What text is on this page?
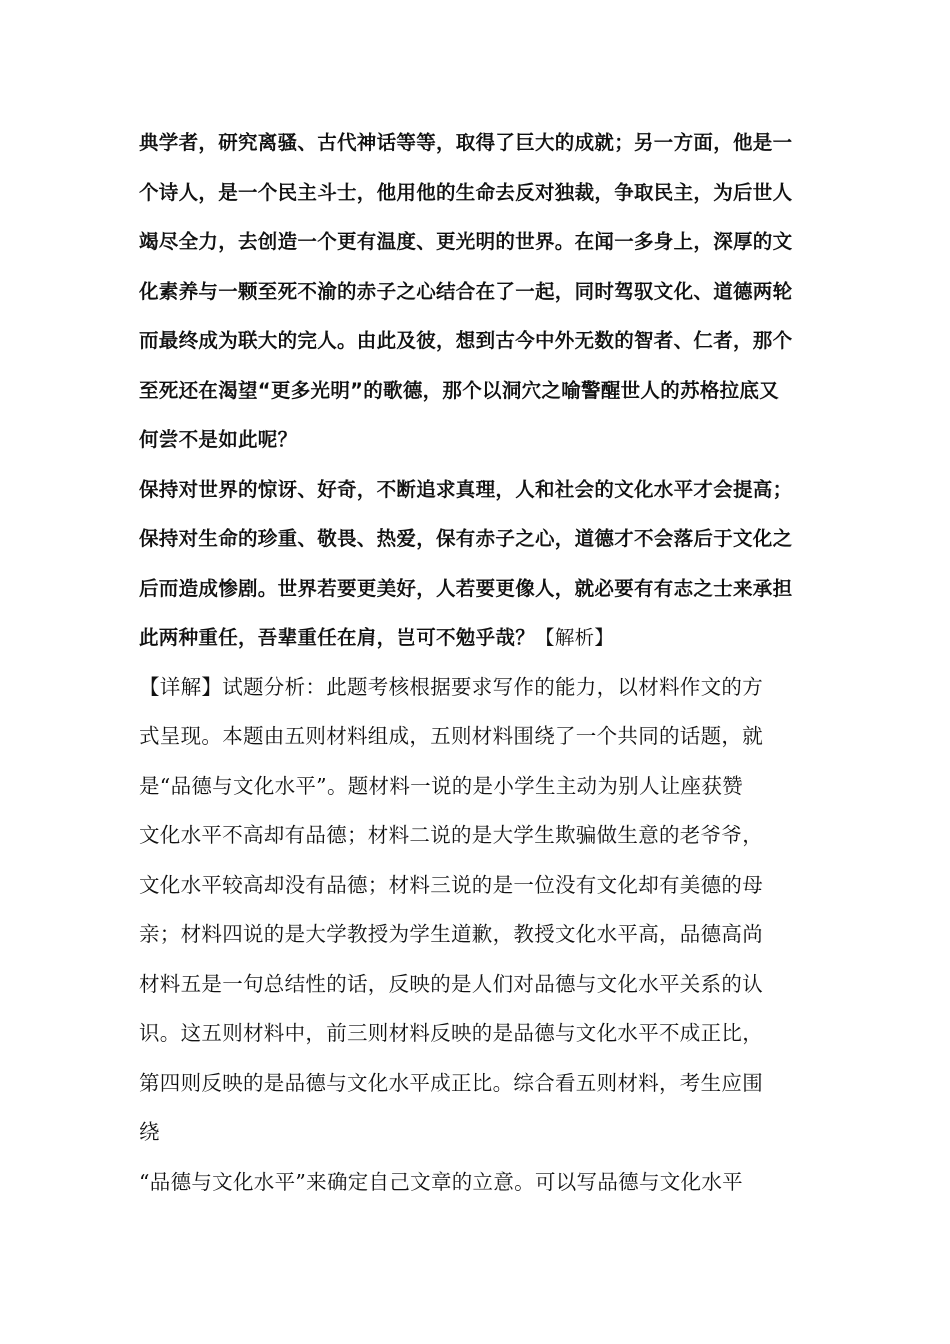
典学者，研究离骚、古代神话等等，取得了巨大的成就；另一方面，他是一
个诗人，是一个民主斗士，他用他的生命去反对独裁，争取民主，为后世人
竭尽全力，去创造一个更有温度、更光明的世界。在闻一多身上，深厚的文
化素养与一颗至死不渝的赤子之心结合在了一起，同时驾驭文化、道德两轮
而最终成为联大的完人。由此及彼，想到古今中外无数的智者、仁者，那个
至死还在渴望“更多光明”的歌德，那个以洞穴之喻警醒世人的苏格拉底又
何尝不是如此呢？
保持对世界的惊讶、好奇，不断追求真理，人和社会的文化水平才会提高；
保持对生命的珍重、敬畏、热爱，保有赤子之心，道德才不会落后于文化之
后而造成惨剧。世界若要更美好，人若要更像人，就必要有有志之士来承担
此两种重任，吾辈重任在肩，岂可不勉乎哉？【解析】
【详解】试题分析：此题考核根据要求写作的能力，以材料作文的方
式呈现。本题由五则材料组成，五则材料围绕了一个共同的话题，就
是“品德与文化水平”。题材料一说的是小学生主动为别人让座获赞
文化水平不高却有品德；材料二说的是大学生欺骗做生意的老爷爷，
文化水平较高却没有品德；材料三说的是一位没有文化却有美德的母
亲；材料四说的是大学教授为学生道歉，教授文化水平高，品德高尚
材料五是一句总结性的话，反映的是人们对品德与文化水平关系的认
识。这五则材料中，前三则材料反映的是品德与文化水平不成正比，
第四则反映的是品德与文化水平成正比。综合看五则材料，考生应围
绕
“品德与文化水平”来确定自己文章的立意。可以写品德与文化水平
